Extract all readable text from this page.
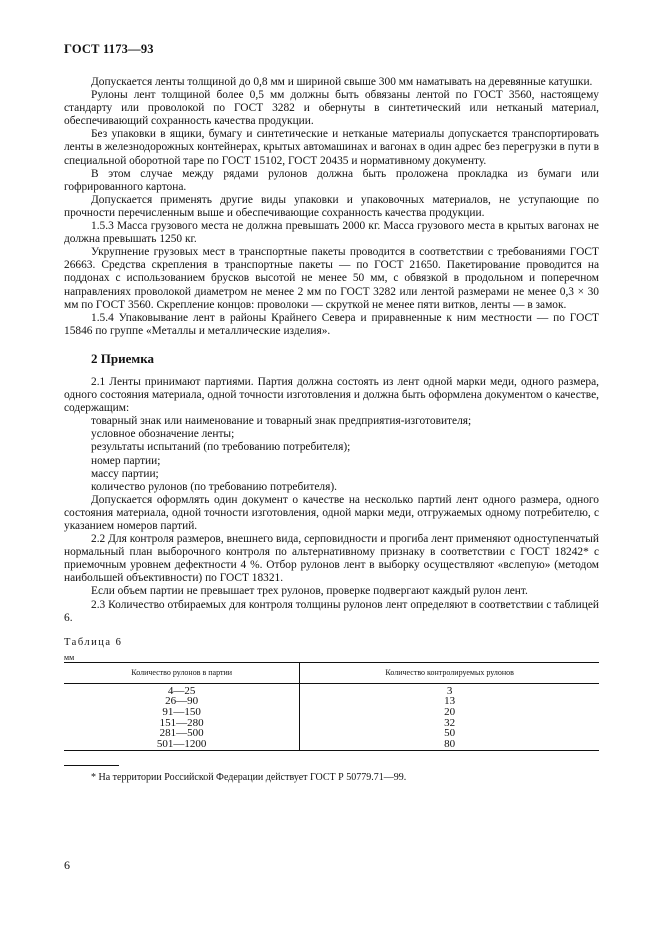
ГОСТ 1173—93

Допускается ленты толщиной до 0,8 мм и шириной свыше 300 мм наматывать на деревянные катушки.

Рулоны лент толщиной более 0,5 мм должны быть обвязаны лентой по ГОСТ 3560, настоящему стандарту или проволокой по ГОСТ 3282 и обернуты в синтетический или нетканый материал, обеспечивающий сохранность качества продукции.

Без упаковки в ящики, бумагу и синтетические и нетканые материалы допускается транспортировать ленты в железнодорожных контейнерах, крытых автомашинах и вагонах в один адрес без перегрузки в пути в специальной оборотной таре по ГОСТ 15102, ГОСТ 20435 и нормативному документу.

В этом случае между рядами рулонов должна быть проложена прокладка из бумаги или гофрированного картона.

Допускается применять другие виды упаковки и упаковочных материалов, не уступающие по прочности перечисленным выше и обеспечивающие сохранность качества продукции.

1.5.3 Масса грузового места не должна превышать 2000 кг. Масса грузового места в крытых вагонах не должна превышать 1250 кг.

Укрупнение грузовых мест в транспортные пакеты проводится в соответствии с требованиями ГОСТ 26663. Средства скрепления в транспортные пакеты — по ГОСТ 21650. Пакетирование проводится на поддонах с использованием брусков высотой не менее 50 мм, с обвязкой в продольном и поперечном направлениях проволокой диаметром не менее 2 мм по ГОСТ 3282 или лентой размерами не менее 0,3 × 30 мм по ГОСТ 3560. Скрепление концов: проволоки — скруткой не менее пяти витков, ленты — в замок.

1.5.4 Упаковывание лент в районы Крайнего Севера и приравненные к ним местности — по ГОСТ 15846 по группе «Металлы и металлические изделия».

2 Приемка

2.1 Ленты принимают партиями. Партия должна состоять из лент одной марки меди, одного размера, одного состояния материала, одной точности изготовления и должна быть оформлена документом о качестве, содержащим:

товарный знак или наименование и товарный знак предприятия-изготовителя;

условное обозначение ленты;

результаты испытаний (по требованию потребителя);

номер партии;

массу партии;

количество рулонов (по требованию потребителя).

Допускается оформлять один документ о качестве на несколько партий лент одного размера, одного состояния материала, одной точности изготовления, одной марки меди, отгружаемых одному потребителю, с указанием номеров партий.

2.2 Для контроля размеров, внешнего вида, серповидности и прогиба лент применяют одноступенчатый нормальный план выборочного контроля по альтернативному признаку в соответствии с ГОСТ 18242* с приемочным уровнем дефектности 4 %. Отбор рулонов лент в выборку осуществляют «вслепую» (методом наибольшей объективности) по ГОСТ 18321.

Если объем партии не превышает трех рулонов, проверке подвергают каждый рулон лент.

2.3 Количество отбираемых для контроля толщины рулонов лент определяют в соответствии с таблицей 6.

Таблица 6

мм

Количество рулонов в партии	Количество контролируемых рулонов
4—25	3
26—90	13
91—150	20
151—280	32
281—500	50
501—1200	80

* На территории Российской Федерации действует ГОСТ Р 50779.71—99.

6
